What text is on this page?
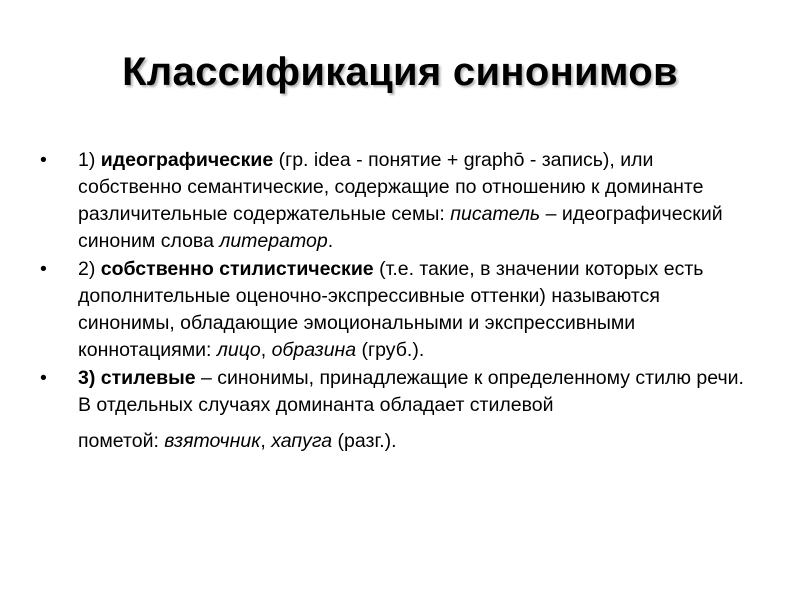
Классификация синонимов
•	1) идеографические (гр. idea - понятие + graphō - запись), или собственно семантические, содержащие по отношению к доминанте различительные содержательные семы: писатель – идеографический синоним слова литератор.
•	2) собственно стилистические (т.е. такие, в значении которых есть дополнительные оценочно-экспрессивные оттенки) называются синонимы, обладающие эмоциональными и экспрессивными коннотациями: лицо, образина (груб.).
•	3) стилевые – синонимы, принадлежащие к определенному стилю речи. В отдельных случаях доминанта обладает стилевой
пометой: взяточник, хапуга (разг.).
